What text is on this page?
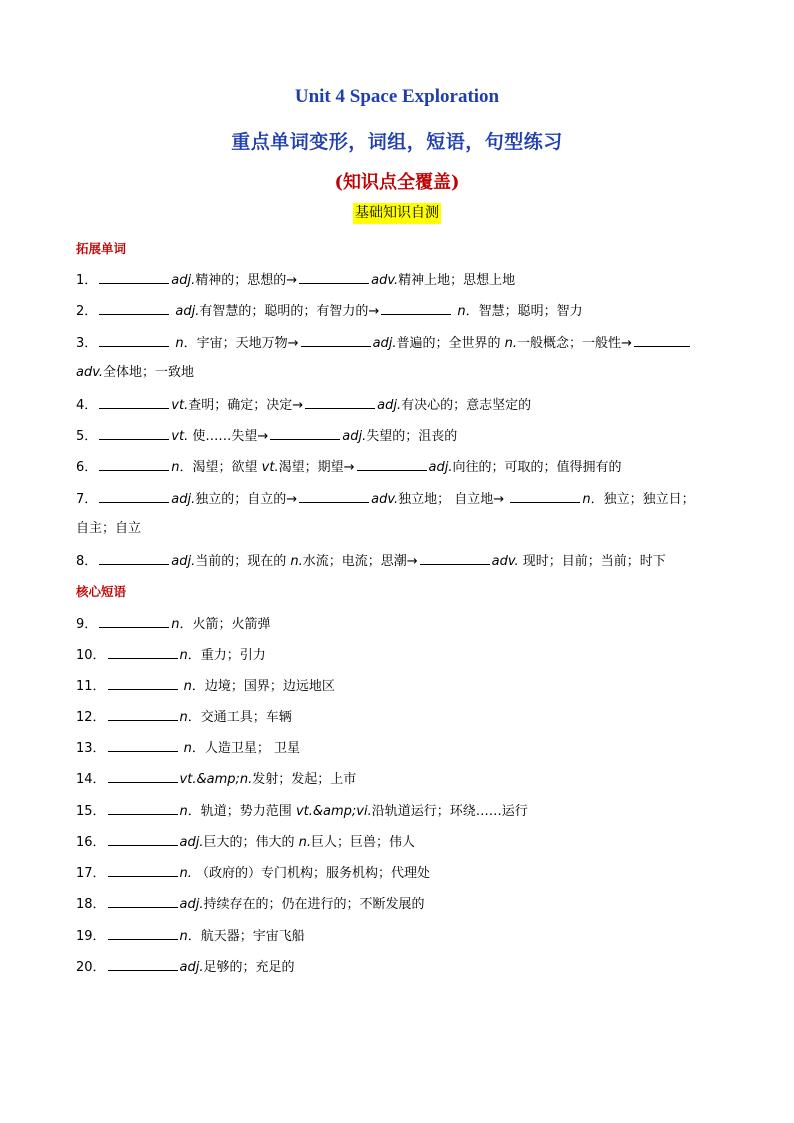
Unit 4 Space Exploration
重点单词变形，词组，短语，句型练习
(知识点全覆盖)
基础知识自测
拓展单词
1．	adj.精神的；思想的→	adv.精神上地；思想上地
2．	adj.有智慧的；聪明的；有智力的→	n．智慧；聪明；智力
3．	n．宇宙；天地万物→	adj.普遍的；全世界的 n.一般概念；一般性→
adv.全体地；一致地
4．	vt.查明；确定；决定→	adj.有决心的；意志坚定的
5．	vt. 使……失望→	adj.失望的；沮丧的
6．	n．渴望；欲望 vt.渴望；期望→	adj.向往的；可取的；值得拥有的
7．	adj.独立的；自立的→	adv.独立地； 自立地→	n．独立；独立日；
自主；自立
8．	adj.当前的；现在的 n.水流；电流；思潮→	adv. 现时；目前；当前；时下
核心短语
9．	n．火箭；火箭弹
10．	n．重力；引力
11．	n．边境；国界；边远地区
12．	n．交通工具；车辆
13．	n．人造卫星； 卫星
14．	vt.&amp;n.发射；发起；上市
15．	n．轨道；势力范围 vt.&amp;vi.沿轨道运行；环绕……运行
16．	adj.巨大的；伟大的 n.巨人；巨兽；伟人
17．	n. （政府的）专门机构；服务机构；代理处
18．	adj.持续存在的；仍在进行的；不断发展的
19．	n．航天器；宇宙飞船
20．	adj.足够的；充足的
